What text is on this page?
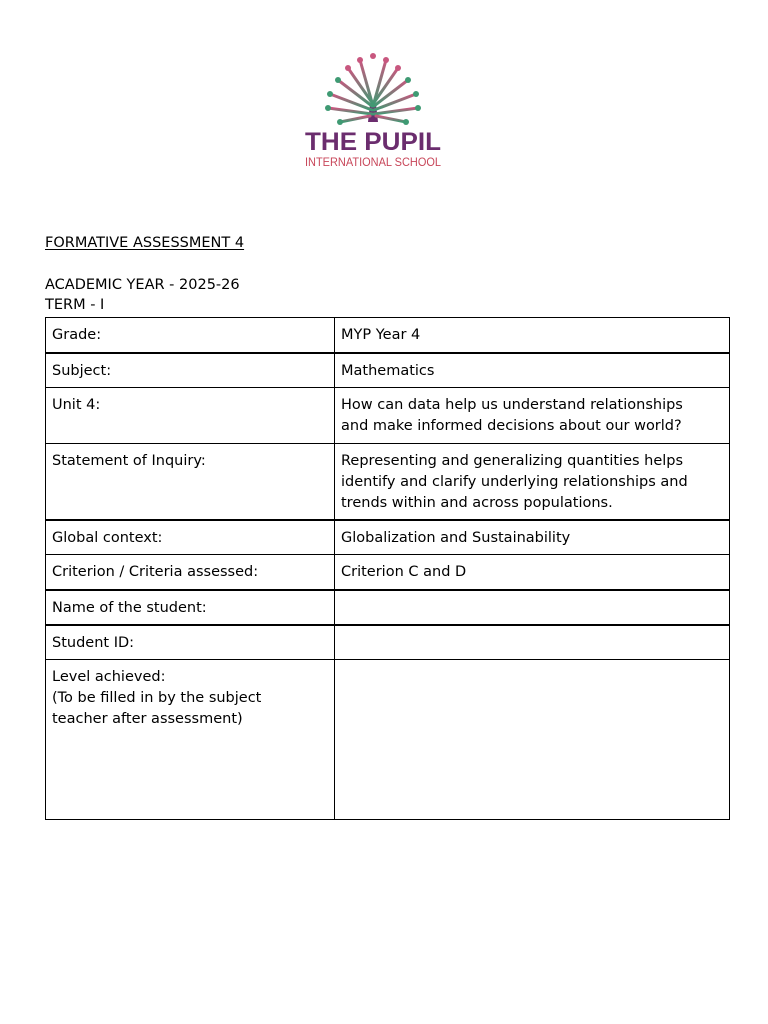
THE PUPIL
INTERNATIONAL SCHOOL
FORMATIVE ASSESSMENT 4
ACADEMIC YEAR - 2025-26
TERM - I
Grade:	MYP Year 4
Subject:	Mathematics
Unit 4:	How can data help us understand relationships
and make informed decisions about our world?
Statement of Inquiry:	Representing and generalizing quantities helps
identify and clarify underlying relationships and
trends within and across populations.
Global context:	Globalization and Sustainability
Criterion / Criteria assessed:	Criterion C and D
Name of the student:	
Student ID:	
Level achieved:
(To be filled in by the subject
teacher after assessment)	
